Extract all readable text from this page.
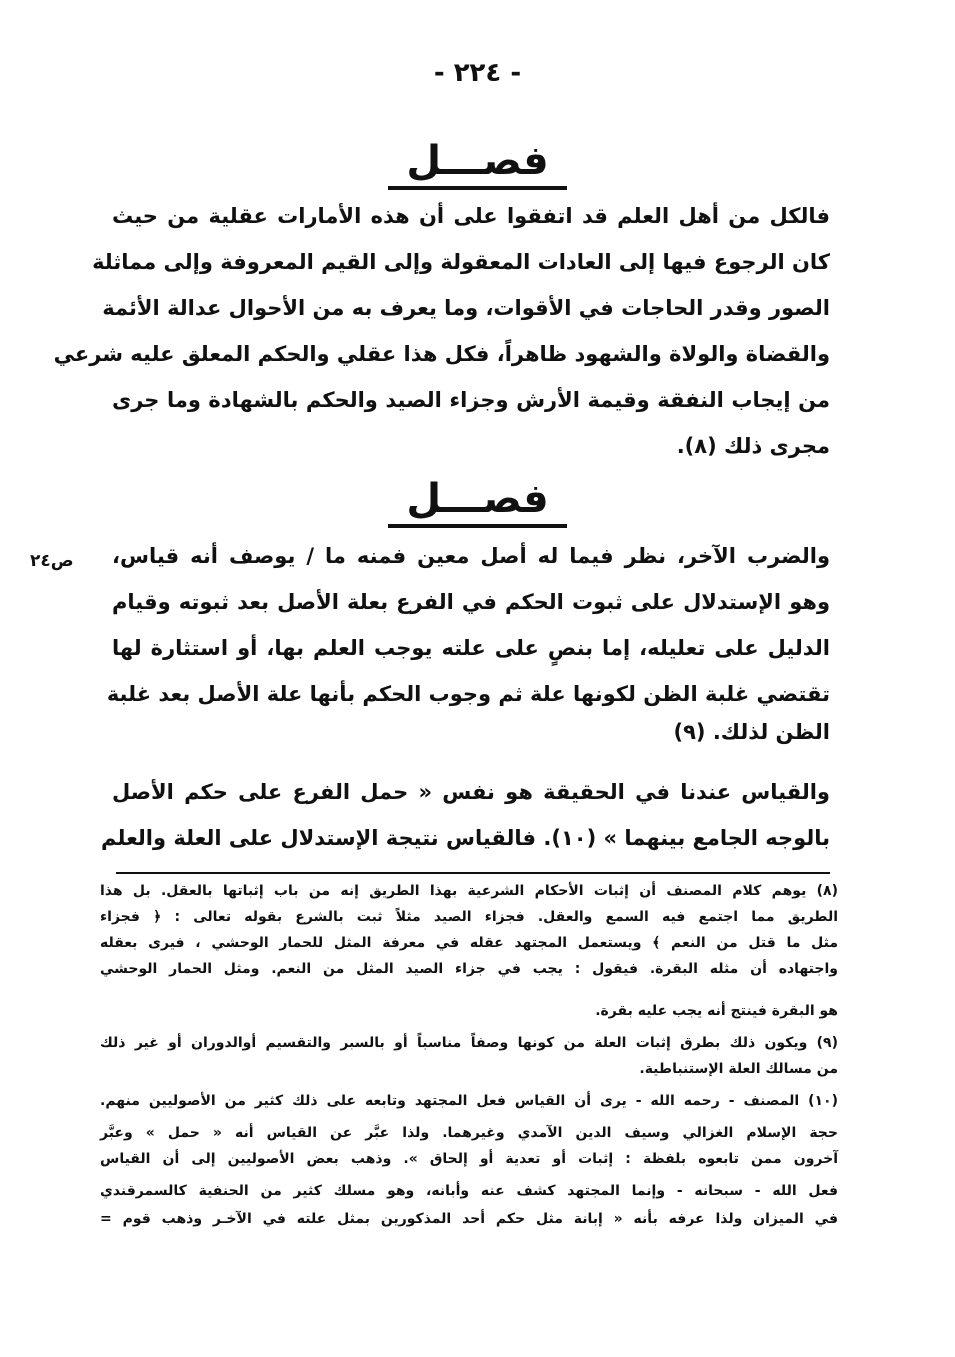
- ٢٢٤ -
فصـــل
فالكل من أهل العلم قد اتفقوا على أن هذه الأمارات عقلية من حيث
كان الرجوع فيها إلى العادات المعقولة وإلى القيم المعروفة وإلى مماثلة
الصور وقدر الحاجات في الأقوات، وما يعرف به من الأحوال عدالة الأئمة
والقضاة والولاة والشهود ظاهراً، فكل هذا عقلي والحكم المعلق عليه شرعي
من إيجاب النفقة وقيمة الأرش وجزاء الصيد والحكم بالشهادة وما جرى
مجرى ذلك (٨).
فصـــل
ص٢٤ والضرب الآخر، نظر فيما له أصل معين فمنه ما / يوصف أنه قياس،
وهو الإستدلال على ثبوت الحكم في الفرع بعلة الأصل بعد ثبوته وقيام
الدليل على تعليله، إما بنصٍ على علته يوجب العلم بها، أو استثارة لها
تقتضي غلبة الظن لكونها علة ثم وجوب الحكم بأنها علة الأصل بعد غلبة
الظن لذلك. (٩)
والقياس عندنا في الحقيقة هو نفس « حمل الفرع على حكم الأصل
بالوجه الجامع بينهما » (١٠). فالقياس نتيجة الإستدلال على العلة والعلم
(٨) يوهم كلام المصنف أن إثبات الأحكام الشرعية بهذا الطريق إنه من باب إثباتها بالعقل. بل هذا
الطريق مما اجتمع فيه السمع والعقل. فجزاء الصيد مثلاً ثبت بالشرع بقوله تعالى : ﴿ فجزاء
مثل ما قتل من النعم ﴾ ويستعمل المجتهد عقله في معرفة المثل للحمار الوحشي ، فيرى بعقله
واجتهاده أن مثله البقرة. فيقول : يجب في جزاء الصيد المثل من النعم. ومثل الحمار الوحشي
هو البقرة فينتج أنه يجب عليه بقرة.
(٩) ويكون ذلك بطرق إثبات العلة من كونها وصفاً مناسباً أو بالسبر والتقسيم أوالدوران أو غير ذلك
من مسالك العلة الإستنباطية.
(١٠) المصنف - رحمه الله - يرى أن القياس فعل المجتهد وتابعه على ذلك كثير من الأصوليين منهم.
حجة الإسلام الغزالي وسيف الدين الآمدي وغيرهما. ولذا عبَّر عن القياس أنه « حمل » وعبَّر
آخرون ممن تابعوه بلفظة : إثبات أو تعدية أو إلحاق ». وذهب بعض الأصوليين إلى أن القياس
فعل الله - سبحانه - وإنما المجتهد كشف عنه وأبانه، وهو مسلك كثير من الحنفية كالسمرقندي
في الميزان ولذا عرفه بأنه « إبانة مثل حكم أحد المذكورين بمثل علته في الآخـر وذهب قوم =
